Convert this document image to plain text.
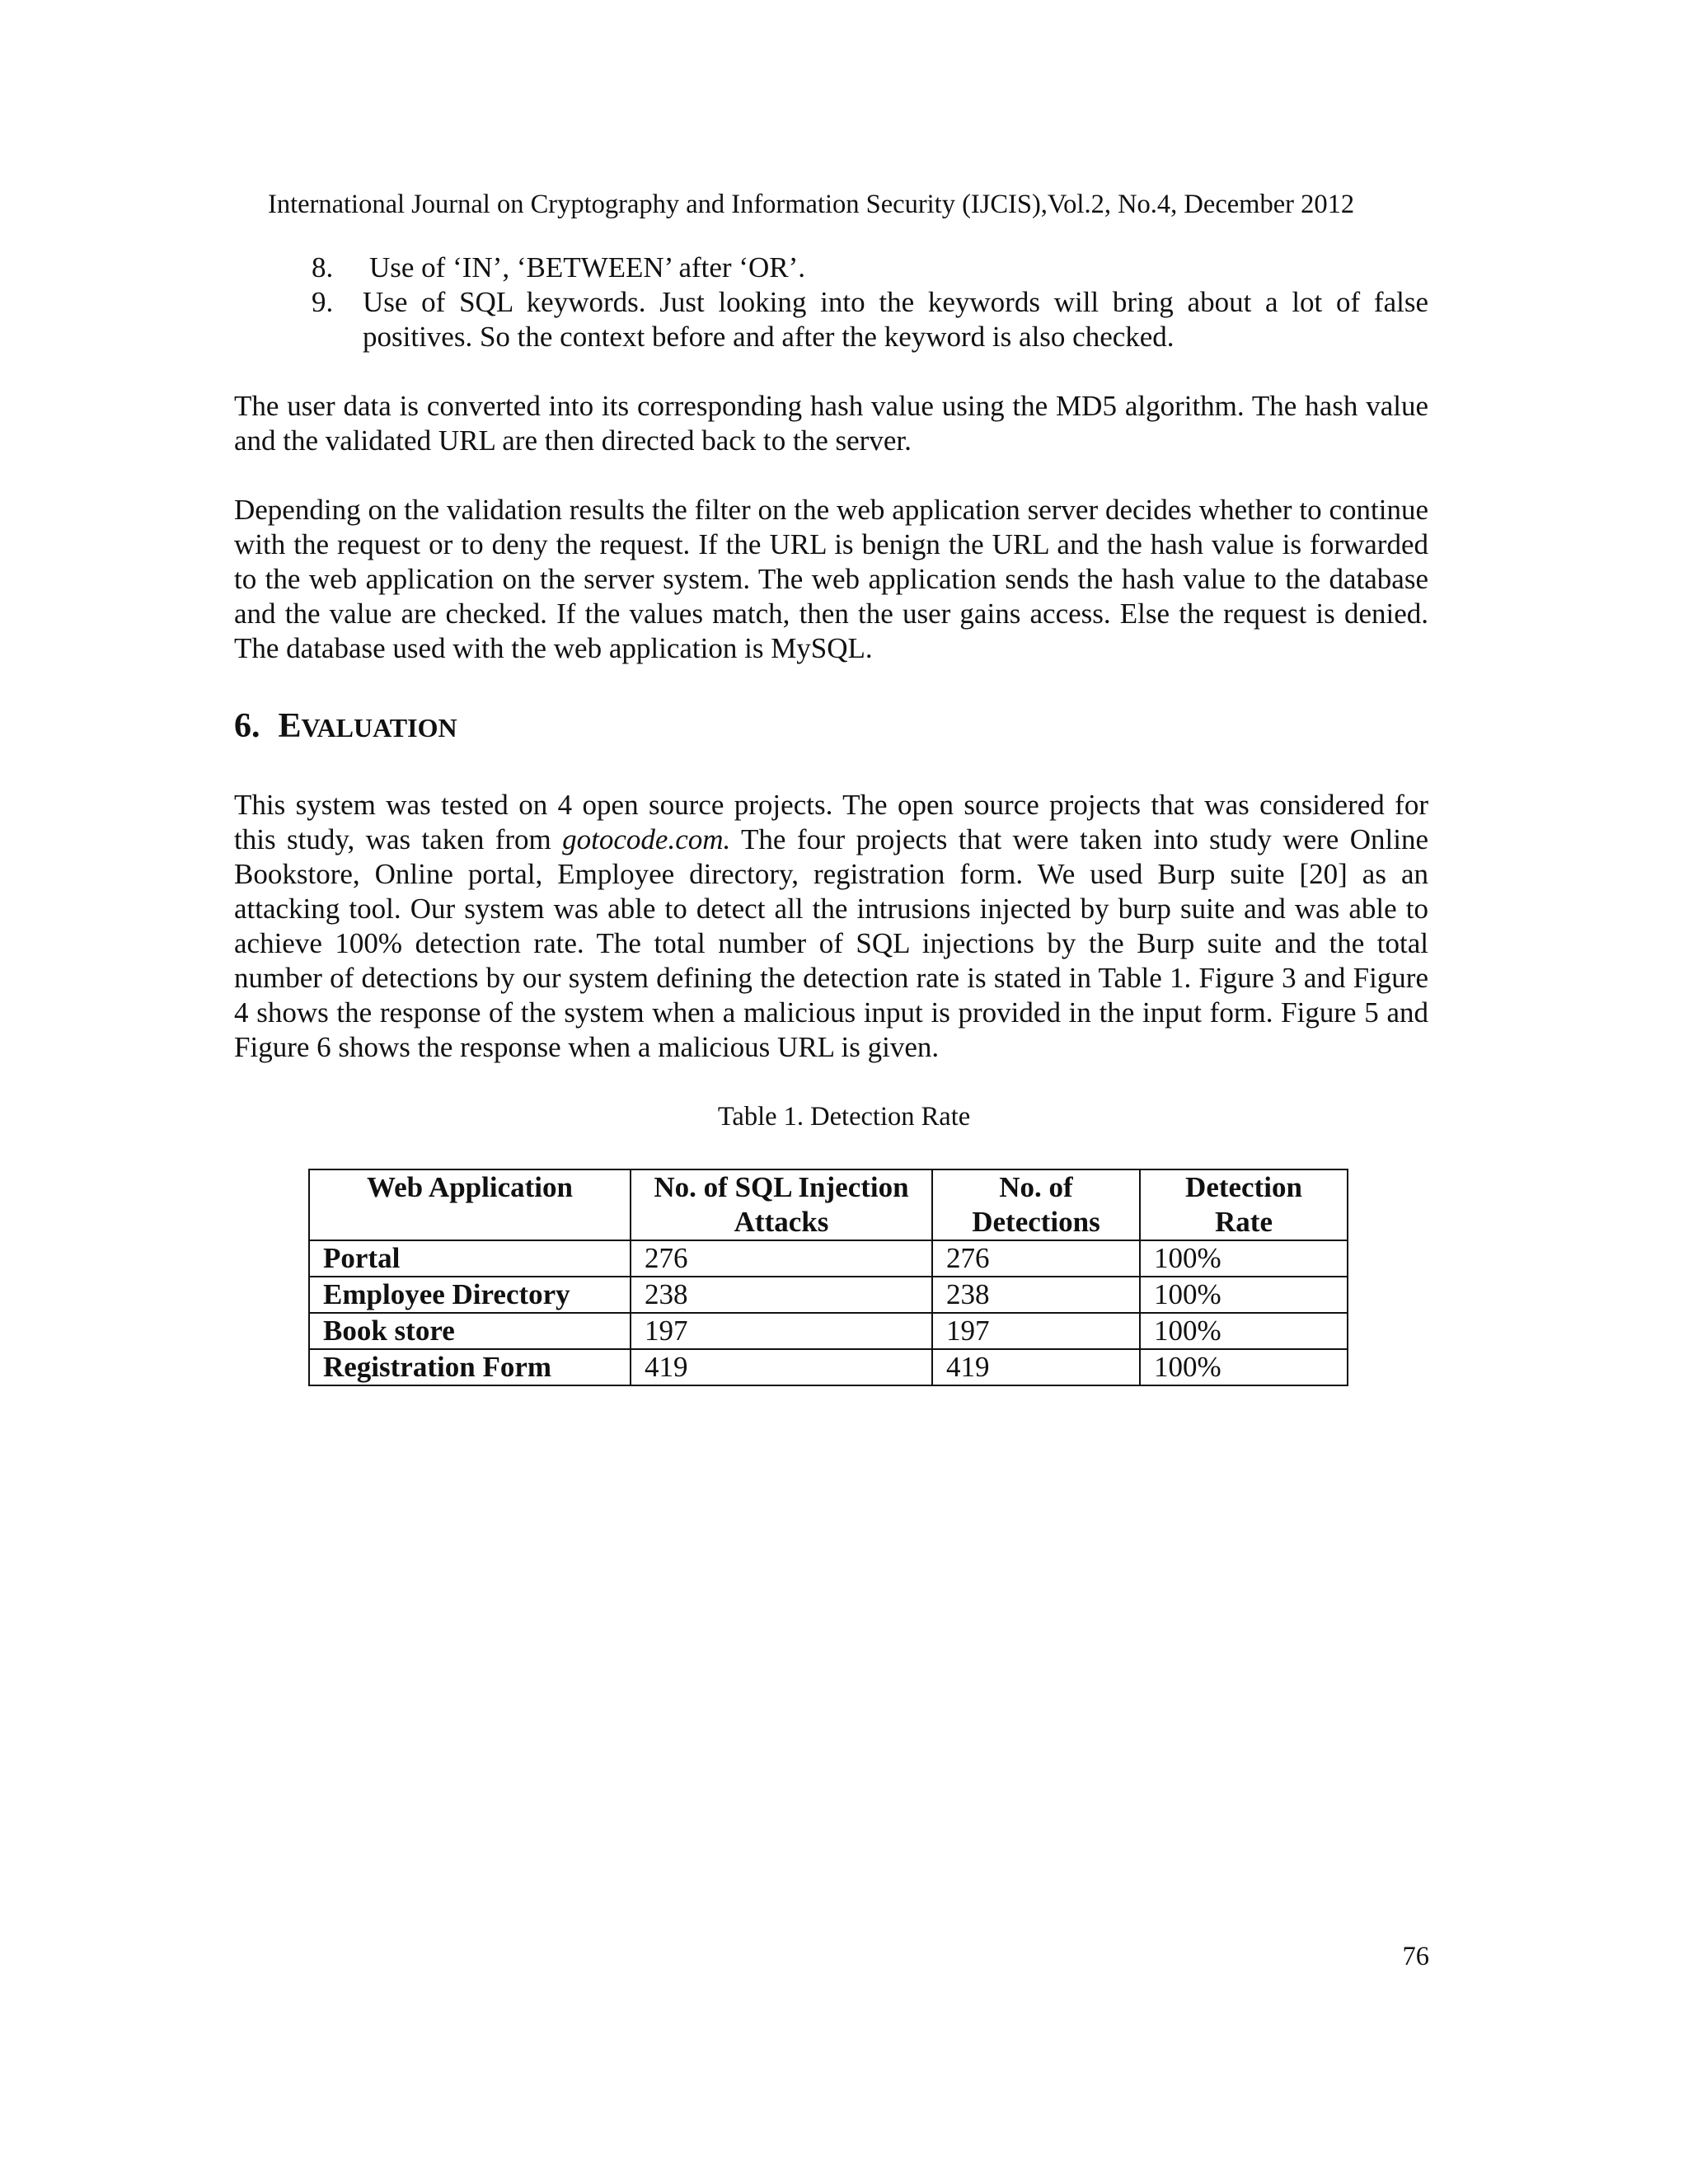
International Journal on Cryptography and Information Security (IJCIS),Vol.2, No.4, December 2012
8.	Use of ‘IN’, ‘BETWEEN’ after ‘OR’.
9.	Use of SQL keywords. Just looking into the keywords will bring about a lot of false positives. So the context before and after the keyword is also checked.

The user data is converted into its corresponding hash value using the MD5 algorithm. The hash value and the validated URL are then directed back to the server.

Depending on the validation results the filter on the web application server decides whether to continue with the request or to deny the request. If the URL is benign the URL and the hash value is forwarded to the web application on the server system. The web application sends the hash value to the database and the value are checked. If the values match, then the user gains access. Else the request is denied. The database used with the web application is MySQL.

6. EVALUATION

This system was tested on 4 open source projects. The open source projects that was considered for this study, was taken from gotocode.com. The four projects that were taken into study were Online Bookstore, Online portal, Employee directory, registration form. We used Burp suite [20] as an attacking tool. Our system was able to detect all the intrusions injected by burp suite and was able to achieve 100% detection rate. The total number of SQL injections by the Burp suite and the total number of detections by our system defining the detection rate is stated in Table 1. Figure 3 and Figure 4 shows the response of the system when a malicious input is provided in the input form. Figure 5 and Figure 6 shows the response when a malicious URL is given.

Table 1. Detection Rate
Web Application	No. of SQL Injection Attacks	No. of Detections	Detection Rate
Portal	276	276	100%
Employee Directory	238	238	100%
Book store	197	197	100%
Registration Form	419	419	100%
76
